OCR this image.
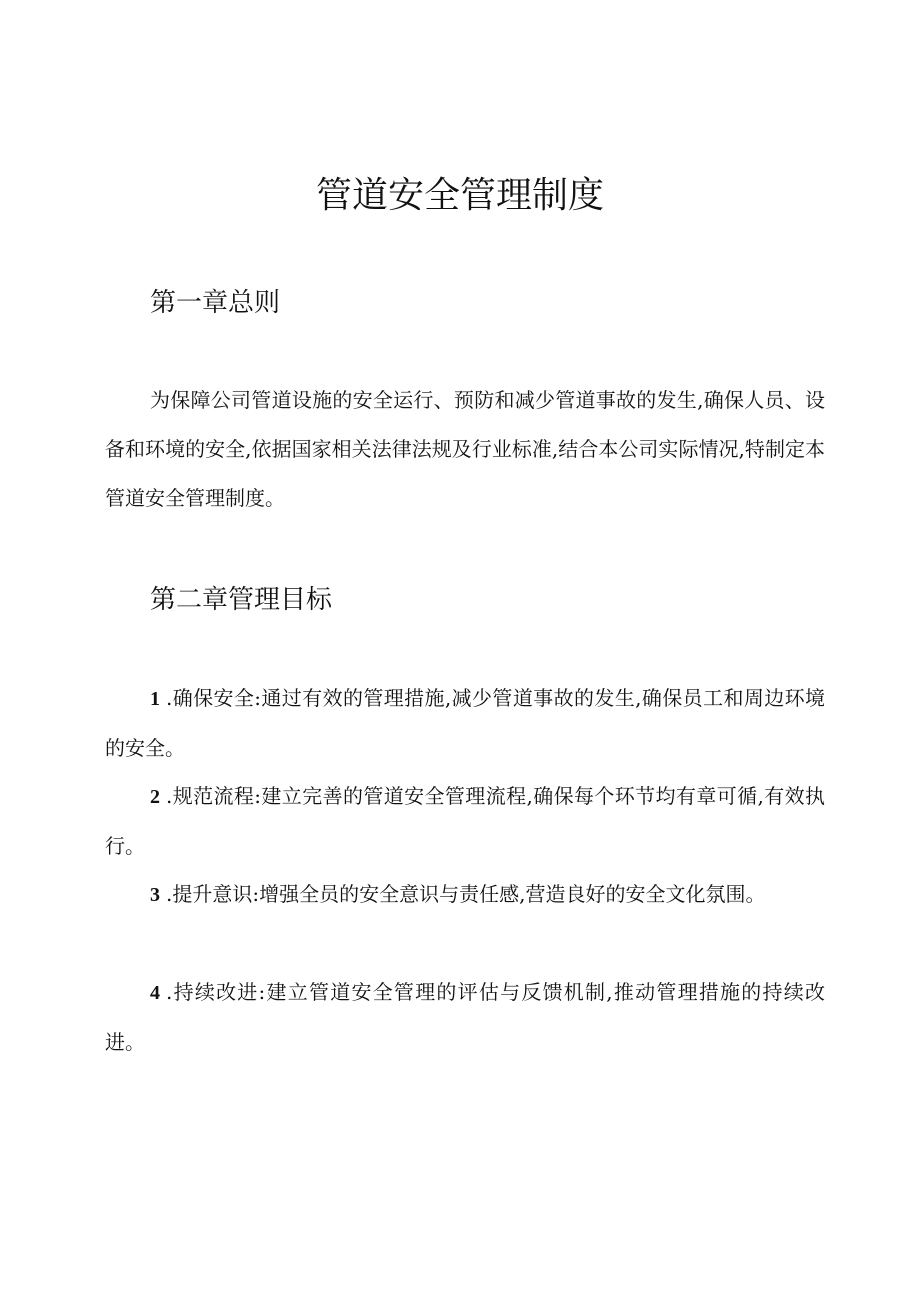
管道安全管理制度
第一章总则

为保障公司管道设施的安全运行、预防和减少管道事故的发生,确保人员、设备和环境的安全,依据国家相关法律法规及行业标准,结合本公司实际情况,特制定本管道安全管理制度。

第二章管理目标

1 .确保安全:通过有效的管理措施,减少管道事故的发生,确保员工和周边环境的安全。

2 .规范流程:建立完善的管道安全管理流程,确保每个环节均有章可循,有效执行。

3 .提升意识:增强全员的安全意识与责任感,营造良好的安全文化氛围。

4 .持续改进:建立管道安全管理的评估与反馈机制,推动管理措施的持续改进。
